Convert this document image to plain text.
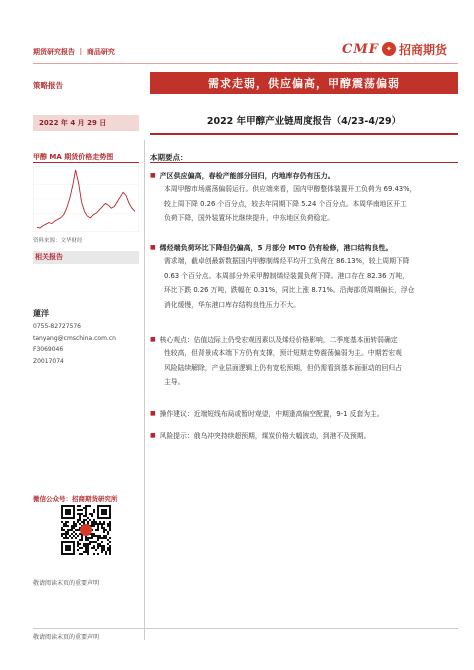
期货研究报告 ｜ 商品研究	CMF	✦ 招商期货
策略报告	需求走弱，供应偏高，甲醇震荡偏弱
2022 年 4 月 29 日	2022 年甲醇产业链周度报告（4/23-4/29）
甲醇 MA 期货价格走势图
资料来源：文华财经
相关报告
蓮洋
0755-82727576
tanyang@cmschina.com.cn
F3069046
Z0017074
微信公众号：招商期货研究所
敬请阅读末页的重要声明
敬请阅读末页的重要声明
本期要点：
■ 产区供应偏高，春检产能部分回归，内地库存仍有压力。
本周甲醇市场震荡偏弱运行。供应端来看，国内甲醇整体装置开工负荷为 69.43%，
较上周下降 0.26 个百分点，较去年同期下降 5.24 个百分点。本周华南地区开工
负荷下降，国外装置环比继续提升，中东地区负荷稳定。
■ 烯烃端负荷环比下降但仍偏高，5 月部分 MTO 仍有检修，港口结构良性。
需求端，截卓创最新数据国内甲醇制烯烃平均开工负荷在 86.13%，较上周期下降
0.63 个百分点。本周部分外采甲醇制烯烃装置负荷下降。港口存在 82.36 万吨，
环比下跌 0.26 万吨，跌幅在 0.31%，同比上涨 8.71%。沿海部货周期偏长，浮仓
消化缓慢，华东港口库存结构良性压力不大。
■ 核心观点：估值边际上仍受宏观因素以及烯烃价格影响，二季度基本面转弱确定
性较高，但背景成本端下方仍有支撑，预计短期走势震荡偏弱为主。中期若宏观
风险陆续解除，产业层面逻辑上仍有宽松预期，但仍需看到基本面驱动的回归占
主导。
■ 操作建议：近端短线布局或暂时观望，中期逢高偏空配置，9-1 反套为主。
■ 风险提示：俄乌冲突持续超预期，煤炭价格大幅波动，到港不及预期。
